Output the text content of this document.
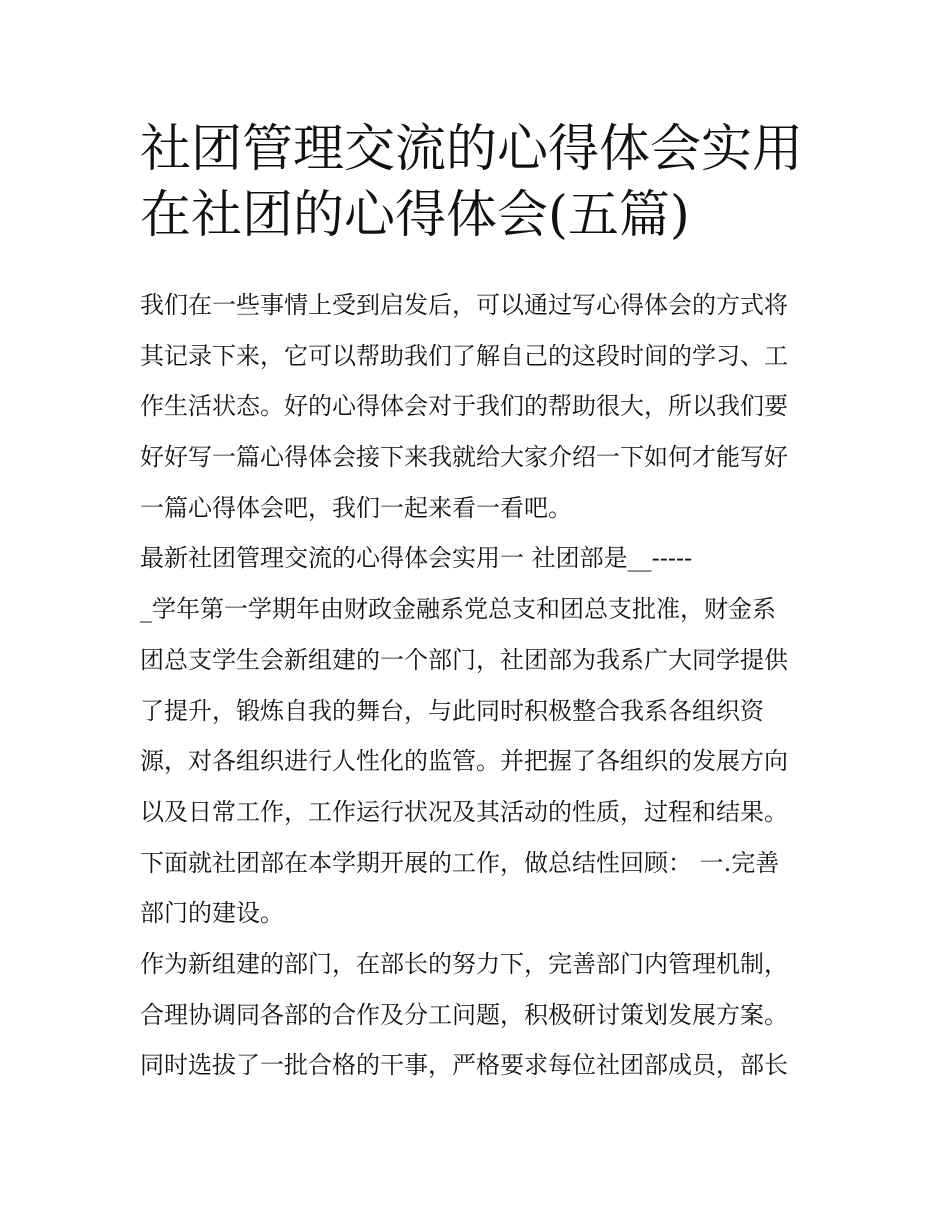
社团管理交流的心得体会实用
在社团的心得体会(五篇)
我们在一些事情上受到启发后，可以通过写心得体会的方式将
其记录下来，它可以帮助我们了解自己的这段时间的学习、工
作生活状态。好的心得体会对于我们的帮助很大，所以我们要
好好写一篇心得体会接下来我就给大家介绍一下如何才能写好
一篇心得体会吧，我们一起来看一看吧。
最新社团管理交流的心得体会实用一 社团部是__-----
_学年第一学期年由财政金融系党总支和团总支批准，财金系
团总支学生会新组建的一个部门，社团部为我系广大同学提供
了提升，锻炼自我的舞台，与此同时积极整合我系各组织资
源，对各组织进行人性化的监管。并把握了各组织的发展方向
以及日常工作，工作运行状况及其活动的性质，过程和结果。
下面就社团部在本学期开展的工作，做总结性回顾： 一.完善
部门的建设。
作为新组建的部门，在部长的努力下，完善部门内管理机制，
合理协调同各部的合作及分工问题，积极研讨策划发展方案。
同时选拔了一批合格的干事，严格要求每位社团部成员，部长
